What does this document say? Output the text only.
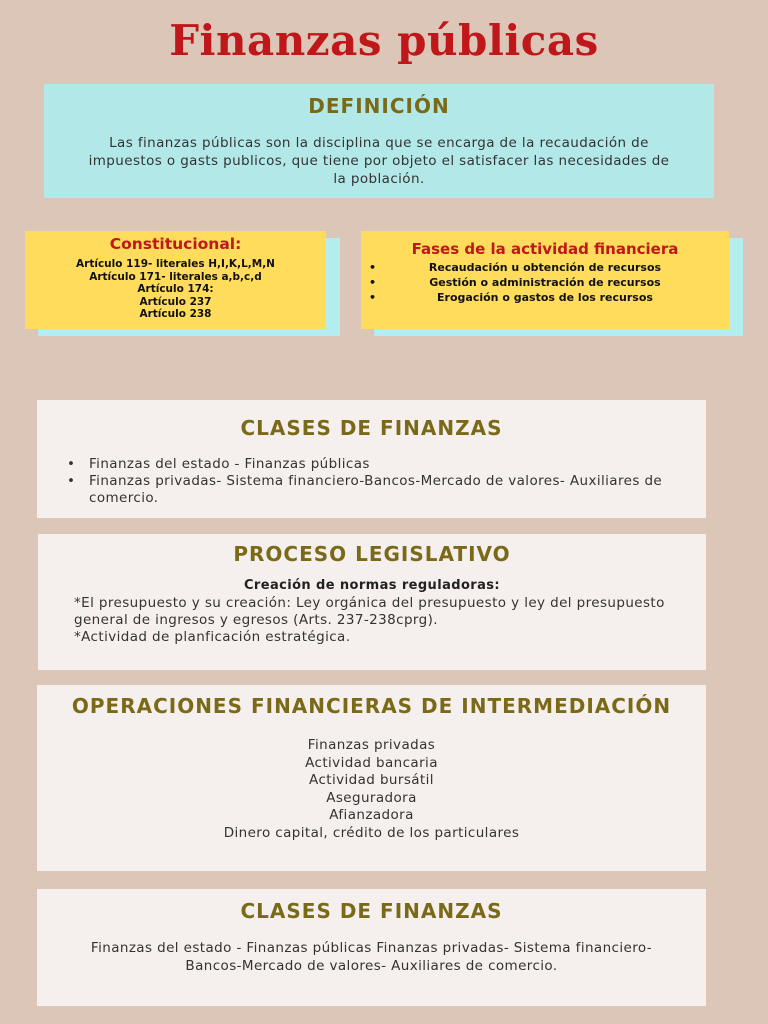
Finanzas públicas
DEFINICIÓN

Las finanzas públicas son la disciplina que se encarga de la recaudación de impuestos o gasts publicos, que tiene por objeto el satisfacer las necesidades de la población.

Constitucional:
Artículo 119- literales H,I,K,L,M,N
Artículo 171- literales a,b,c,d
Artículo 174:
Artículo 237
Artículo 238
Fases de la actividad financiera
•	Recaudación u obtención de recursos
•	Gestión o administración de recursos
•	Erogación o gastos de los recursos
CLASES DE FINANZAS
• Finanzas del estado - Finanzas públicas
• Finanzas privadas- Sistema financiero-Bancos-Mercado de valores- Auxiliares de comercio.
PROCESO LEGISLATIVO
Creación de normas reguladoras:
*El presupuesto y su creación: Ley orgánica del presupuesto y ley del presupuesto general de ingresos y egresos (Arts. 237-238cprg).
*Actividad de planficación estratégica.
OPERACIONES FINANCIERAS DE INTERMEDIACIÓN
Finanzas privadas
Actividad bancaria
Actividad bursátil
Aseguradora
Afianzadora
Dinero capital, crédito de los particulares
CLASES DE FINANZAS
Finanzas del estado - Finanzas públicas Finanzas privadas- Sistema financiero-Bancos-Mercado de valores- Auxiliares de comercio.
